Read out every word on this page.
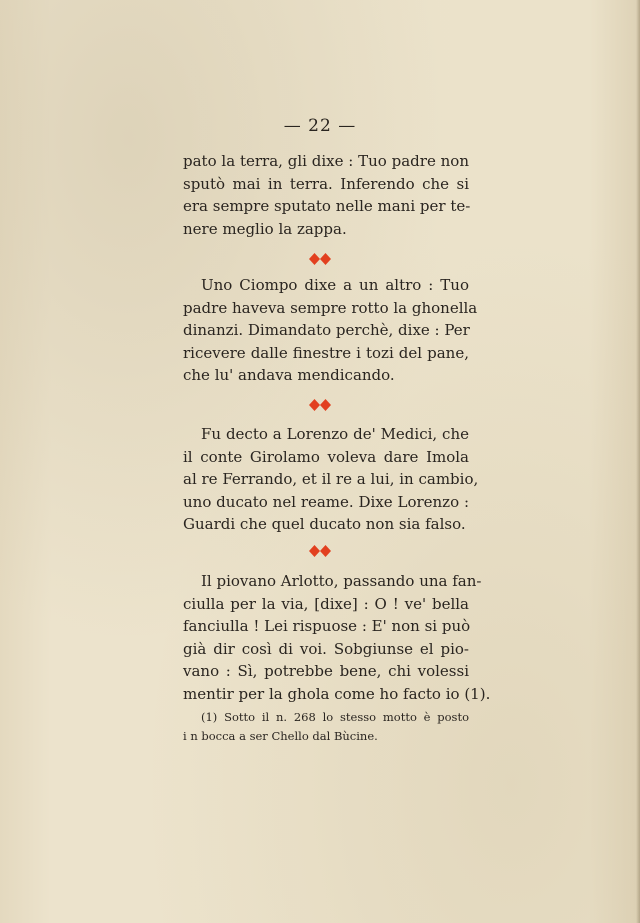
— 22 —
pato la terra, gli dixe : Tuo padre non
sputò mai in terra. Inferendo che si
era sempre sputato nelle mani per te-
nere meglio la zappa.
Uno Ciompo dixe a un altro : Tuo
padre haveva sempre rotto la ghonella
dinanzi. Dimandato perchè, dixe : Per
ricevere dalle finestre i tozi del pane,
che lu' andava mendicando.
Fu decto a Lorenzo de' Medici, che
il conte Girolamo voleva dare Imola
al re Ferrando, et il re a lui, in cambio,
uno ducato nel reame. Dixe Lorenzo :
Guardi che quel ducato non sia falso.
Il piovano Arlotto, passando una fan-
ciulla per la via, [dixe] : O ! ve' bella
fanciulla ! Lei rispuose : E' non si può
già dir così di voi. Sobgiunse el pio-
vano : Sì, potrebbe bene, chi volessi
mentir per la ghola come ho facto io (1).
(1) Sotto il n. 268 lo stesso motto è posto
i n bocca a ser Chello dal Bùcine.
